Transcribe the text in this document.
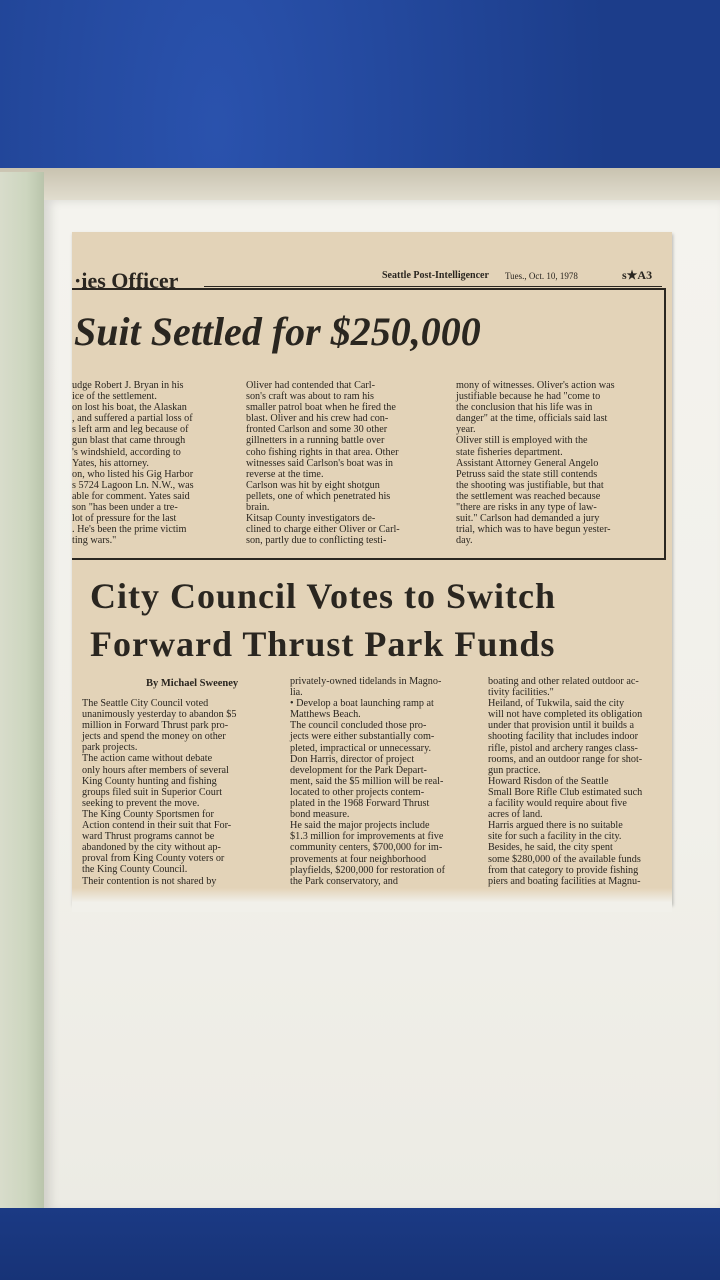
·ies Officer	Seattle Post-Intelligencer	Tues., Oct. 10, 1978	s★A3
Suit Settled for $250,000
udge Robert J. Bryan in his
ice of the settlement.
on lost his boat, the Alaskan
, and suffered a partial loss of
s left arm and leg because of
gun blast that came through
's windshield, according to
Yates, his attorney.
on, who listed his Gig Harbor
s 5724 Lagoon Ln. N.W., was
able for comment. Yates said
son "has been under a tre-
lot of pressure for the last
. He's been the prime victim
ting wars."
Oliver had contended that Carl-
son's craft was about to ram his
smaller patrol boat when he fired the
blast. Oliver and his crew had con-
fronted Carlson and some 30 other
gillnetters in a running battle over
coho fishing rights in that area. Other
witnesses said Carlson's boat was in
reverse at the time.
Carlson was hit by eight shotgun
pellets, one of which penetrated his
brain.
Kitsap County investigators de-
clined to charge either Oliver or Carl-
son, partly due to conflicting testi-
mony of witnesses. Oliver's action was
justifiable because he had "come to
the conclusion that his life was in
danger" at the time, officials said last
year.
Oliver still is employed with the
state fisheries department.
Assistant Attorney General Angelo
Petruss said the state still contends
the shooting was justifiable, but that
the settlement was reached because
"there are risks in any type of law-
suit." Carlson had demanded a jury
trial, which was to have begun yester-
day.
City Council Votes to Switch
Forward Thrust Park Funds
By Michael Sweeney
The Seattle City Council voted
unanimously yesterday to abandon $5
million in Forward Thrust park pro-
jects and spend the money on other
park projects.
The action came without debate
only hours after members of several
King County hunting and fishing
groups filed suit in Superior Court
seeking to prevent the move.
The King County Sportsmen for
Action contend in their suit that For-
ward Thrust programs cannot be
abandoned by the city without ap-
proval from King County voters or
the King County Council.
Their contention is not shared by
privately-owned tidelands in Magno-
lia.
• Develop a boat launching ramp at
Matthews Beach.
The council concluded those pro-
jects were either substantially com-
pleted, impractical or unnecessary.
Don Harris, director of project
development for the Park Depart-
ment, said the $5 million will be real-
located to other projects contem-
plated in the 1968 Forward Thrust
bond measure.
He said the major projects include
$1.3 million for improvements at five
community centers, $700,000 for im-
provements at four neighborhood
playfields, $200,000 for restoration of
the Park conservatory, and
boating and other related outdoor ac-
tivity facilities."
Heiland, of Tukwila, said the city
will not have completed its obligation
under that provision until it builds a
shooting facility that includes indoor
rifle, pistol and archery ranges class-
rooms, and an outdoor range for shot-
gun practice.
Howard Risdon of the Seattle
Small Bore Rifle Club estimated such
a facility would require about five
acres of land.
Harris argued there is no suitable
site for such a facility in the city.
Besides, he said, the city spent
some $280,000 of the available funds
from that category to provide fishing
piers and boating facilities at Magnu-
